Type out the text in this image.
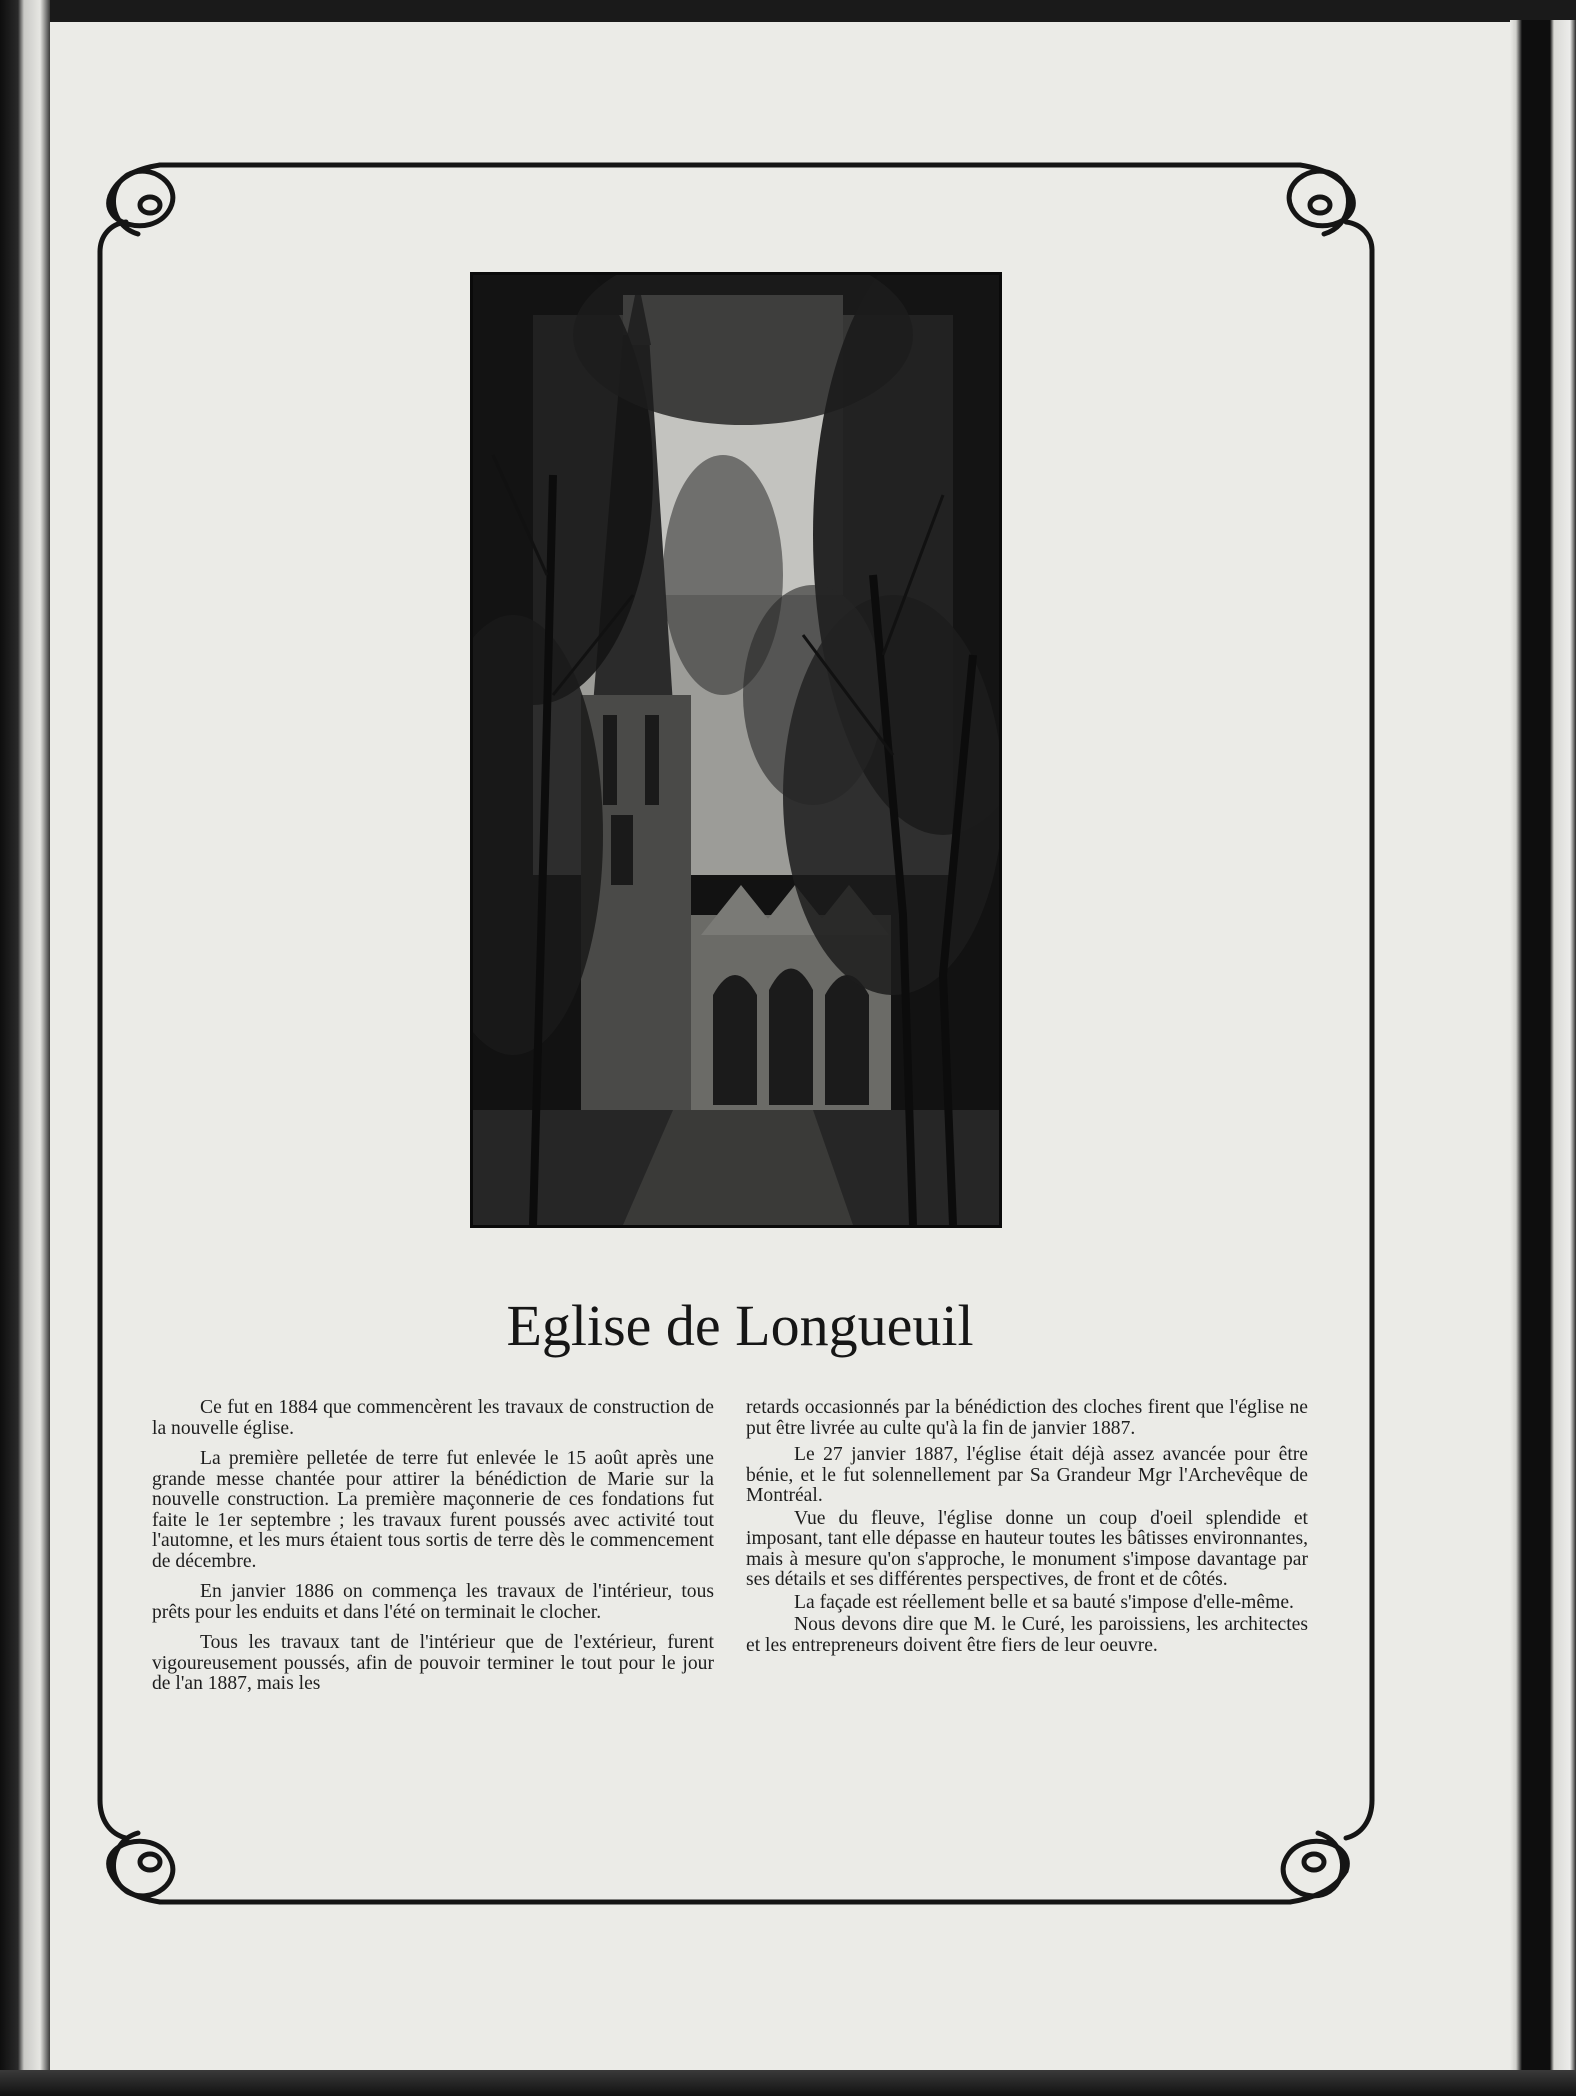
Eglise de Longueuil

Ce fut en 1884 que commencèrent les travaux de construction de la nouvelle église.

La première pelletée de terre fut enlevée le 15 août après une grande messe chantée pour attirer la bénédiction de Marie sur la nouvelle construction. La première maçonnerie de ces fondations fut faite le 1er septembre ; les travaux furent poussés avec activité tout l'automne, et les murs étaient tous sortis de terre dès le commencement de décembre.

En janvier 1886 on commença les travaux de l'intérieur, tous prêts pour les enduits et dans l'été on terminait le clocher.

Tous les travaux tant de l'intérieur que de l'extérieur, furent vigoureusement poussés, afin de pouvoir terminer le tout pour le jour de l'an 1887, mais les

retards occasionnés par la bénédiction des cloches firent que l'église ne put être livrée au culte qu'à la fin de janvier 1887.

Le 27 janvier 1887, l'église était déjà assez avancée pour être bénie, et le fut solennellement par Sa Grandeur Mgr l'Archevêque de Montréal.

Vue du fleuve, l'église donne un coup d'oeil splendide et imposant, tant elle dépasse en hauteur toutes les bâtisses environnantes, mais à mesure qu'on s'approche, le monument s'impose davantage par ses détails et ses différentes perspectives, de front et de côtés.

La façade est réellement belle et sa bauté s'impose d'elle-même.

Nous devons dire que M. le Curé, les paroissiens, les architectes et les entrepreneurs doivent être fiers de leur oeuvre.
